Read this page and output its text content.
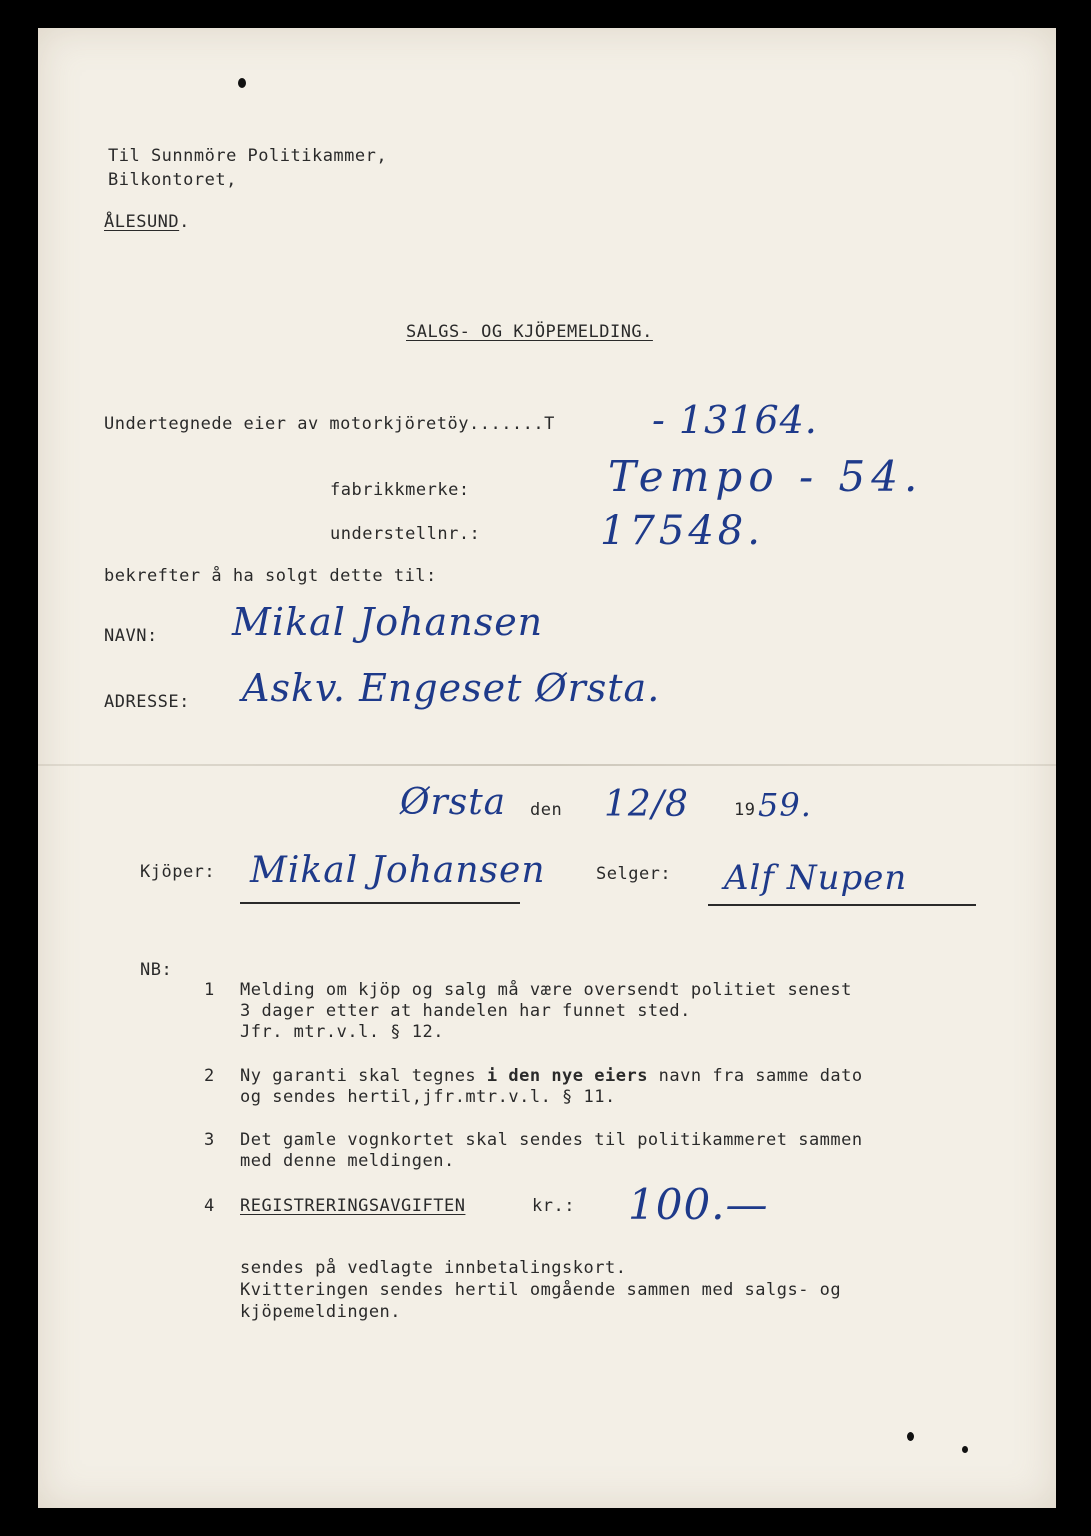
Til Sunnmöre Politikammer,
Bilkontoret,
ÅLESUND.
SALGS- OG KJÖPEMELDING.
Undertegnede eier av motorkjöretöy.......T	- 13164.
fabrikkmerke:	Tempo - 54.
understellnr.:	17548.
bekrefter å ha solgt dette til:
NAVN: Mikal Johansen
ADRESSE: Askv. Engeset Ørsta.
Ørsta den 12/8	19 59.
Kjöper: Mikal Johansen	Selger: Alf Nupen
NB:
1 Melding om kjöp og salg må være oversendt politiet senest
3 dager etter at handelen har funnet sted.
Jfr. mtr.v.l. § 12.
2 Ny garanti skal tegnes i den nye eiers navn fra samme dato
og sendes hertil,jfr.mtr.v.l. § 11.
3 Det gamle vognkortet skal sendes til politikammeret sammen
med denne meldingen.
4 REGISTRERINGSAVGIFTEN	kr.: 100.—
sendes på vedlagte innbetalingskort.
Kvitteringen sendes hertil omgående sammen med salgs- og
kjöpemeldingen.
